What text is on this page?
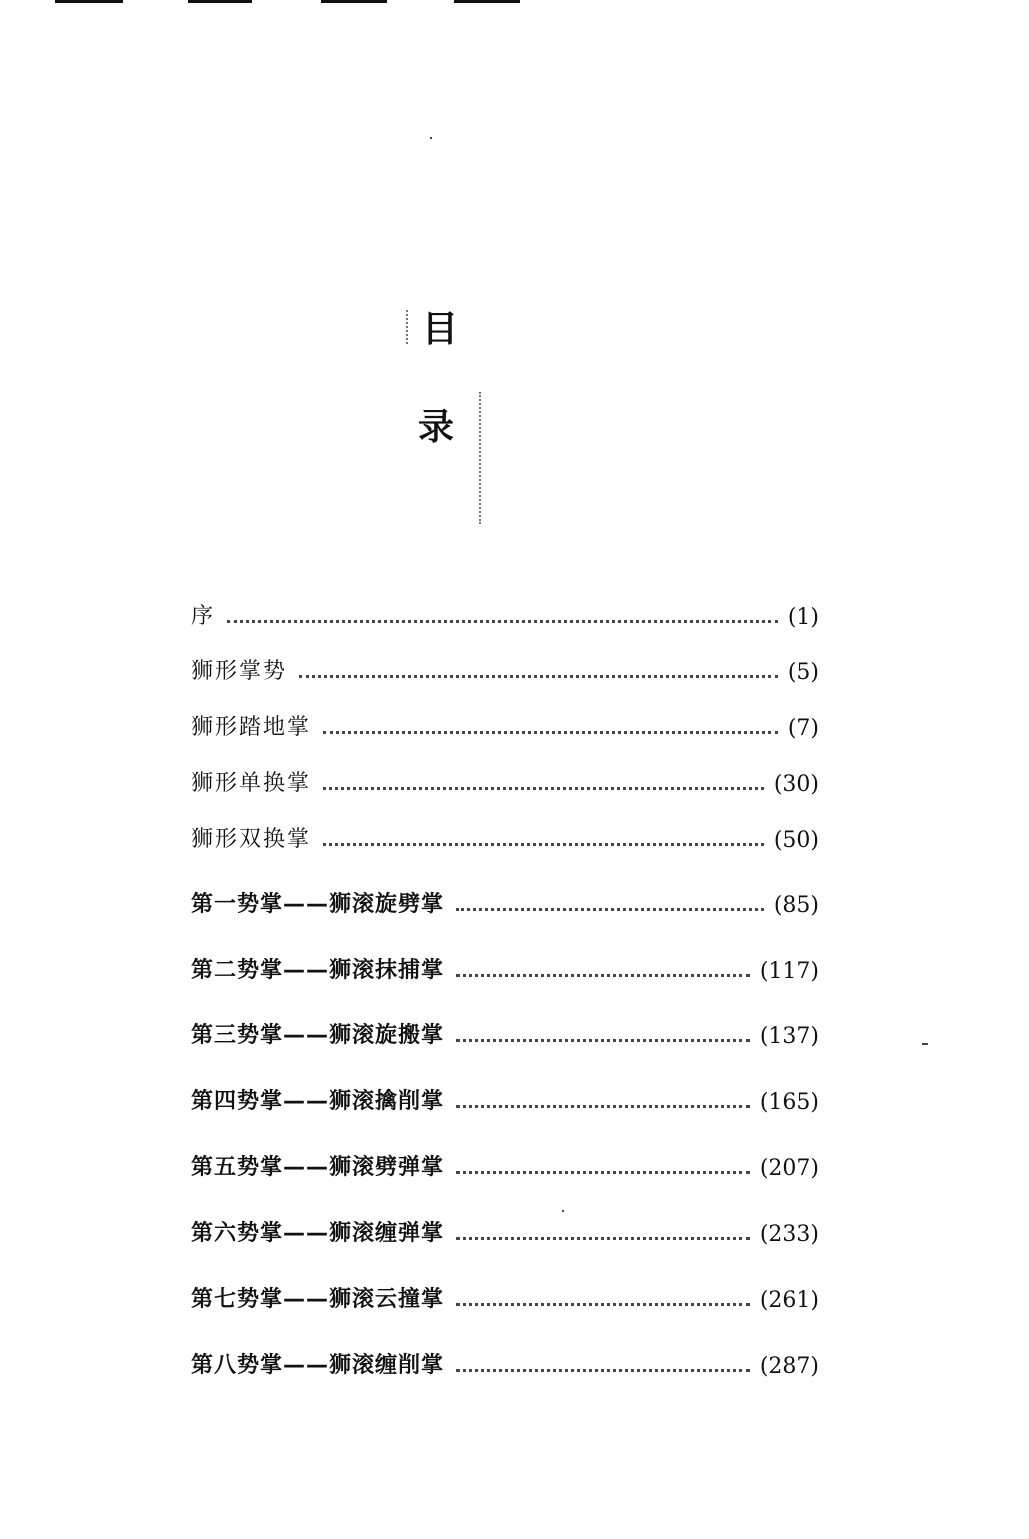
目
录
序	(1)
狮形掌势	(5)
狮形踏地掌	(7)
狮形单换掌	(30)
狮形双换掌	(50)
第一势掌——狮滚旋劈掌	(85)
第二势掌——狮滚抹捕掌	(117)
第三势掌——狮滚旋搬掌	(137)
第四势掌——狮滚擒削掌	(165)
第五势掌——狮滚劈弹掌	(207)
第六势掌——狮滚缠弹掌	(233)
第七势掌——狮滚云撞掌	(261)
第八势掌——狮滚缠削掌	(287)
